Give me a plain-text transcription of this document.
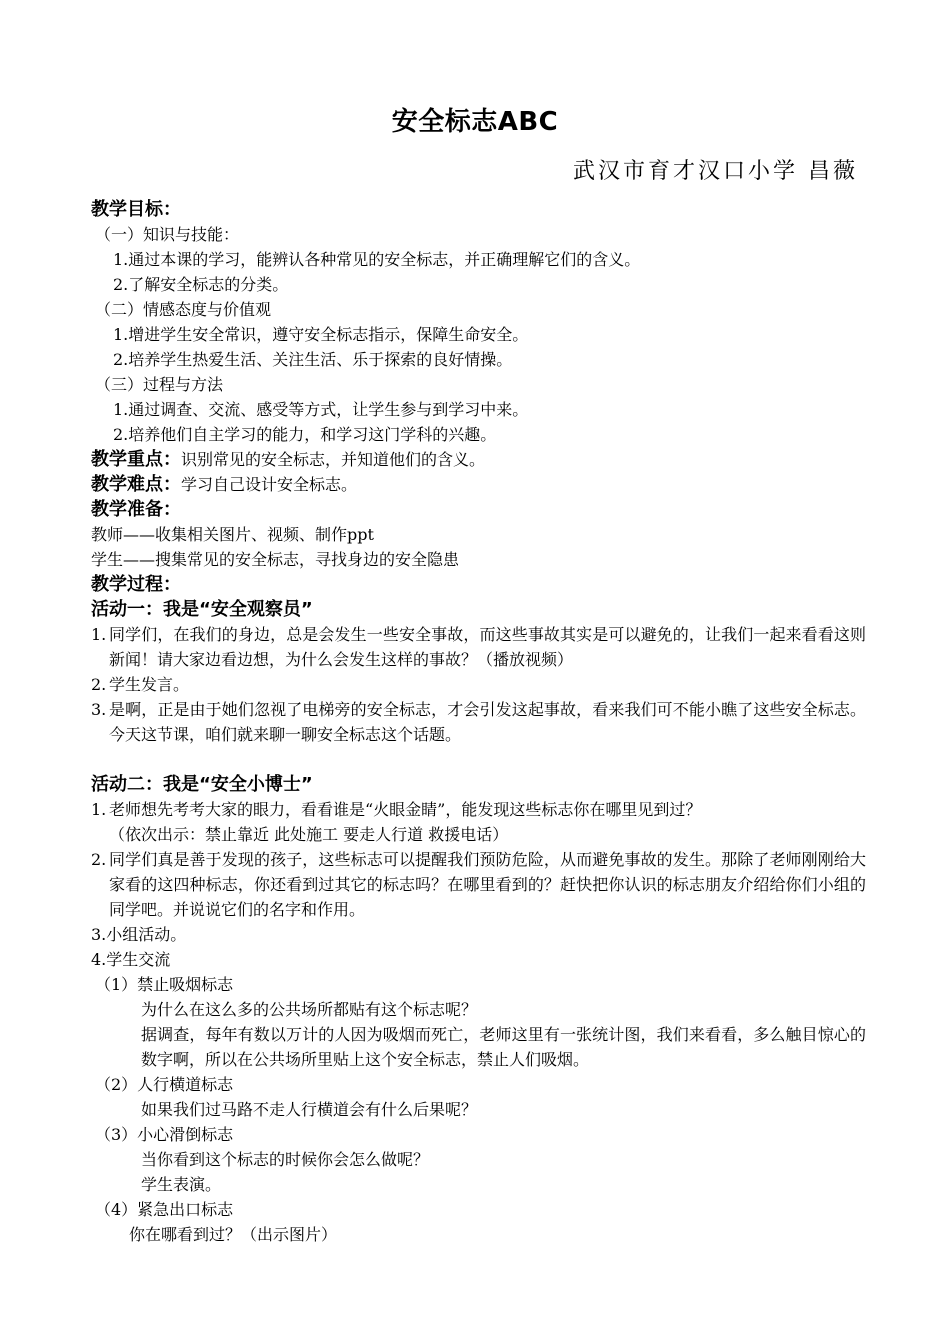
安全标志ABC
武汉市育才汉口小学 昌薇
教学目标：
（一）知识与技能：
1.通过本课的学习，能辨认各种常见的安全标志，并正确理解它们的含义。
2.了解安全标志的分类。
（二）情感态度与价值观
1.增进学生安全常识，遵守安全标志指示，保障生命安全。
2.培养学生热爱生活、关注生活、乐于探索的良好情操。
（三）过程与方法
1.通过调查、交流、感受等方式，让学生参与到学习中来。
2.培养他们自主学习的能力，和学习这门学科的兴趣。
教学重点：识别常见的安全标志，并知道他们的含义。
教学难点：学习自己设计安全标志。
教学准备：
教师——收集相关图片、视频、制作ppt
学生——搜集常见的安全标志，寻找身边的安全隐患
教学过程：
活动一：我是“安全观察员”
1. 同学们，在我们的身边，总是会发生一些安全事故，而这些事故其实是可以避免的，让我们一起来看看这则新闻！请大家边看边想，为什么会发生这样的事故？（播放视频）
2. 学生发言。
3. 是啊，正是由于她们忽视了电梯旁的安全标志，才会引发这起事故，看来我们可不能小瞧了这些安全标志。今天这节课，咱们就来聊一聊安全标志这个话题。
活动二：我是“安全小博士”
1. 老师想先考考大家的眼力，看看谁是“火眼金睛”，能发现这些标志你在哪里见到过？
（依次出示：禁止靠近 此处施工 要走人行道 救援电话）
2. 同学们真是善于发现的孩子，这些标志可以提醒我们预防危险，从而避免事故的发生。那除了老师刚刚给大家看的这四种标志，你还看到过其它的标志吗？在哪里看到的？赶快把你认识的标志朋友介绍给你们小组的同学吧。并说说它们的名字和作用。
3.小组活动。
4.学生交流
（1）禁止吸烟标志
为什么在这么多的公共场所都贴有这个标志呢？
据调查，每年有数以万计的人因为吸烟而死亡，老师这里有一张统计图，我们来看看，多么触目惊心的数字啊，所以在公共场所里贴上这个安全标志，禁止人们吸烟。
（2）人行横道标志
如果我们过马路不走人行横道会有什么后果呢？
（3）小心滑倒标志
当你看到这个标志的时候你会怎么做呢？
学生表演。
（4）紧急出口标志
你在哪看到过？（出示图片）
